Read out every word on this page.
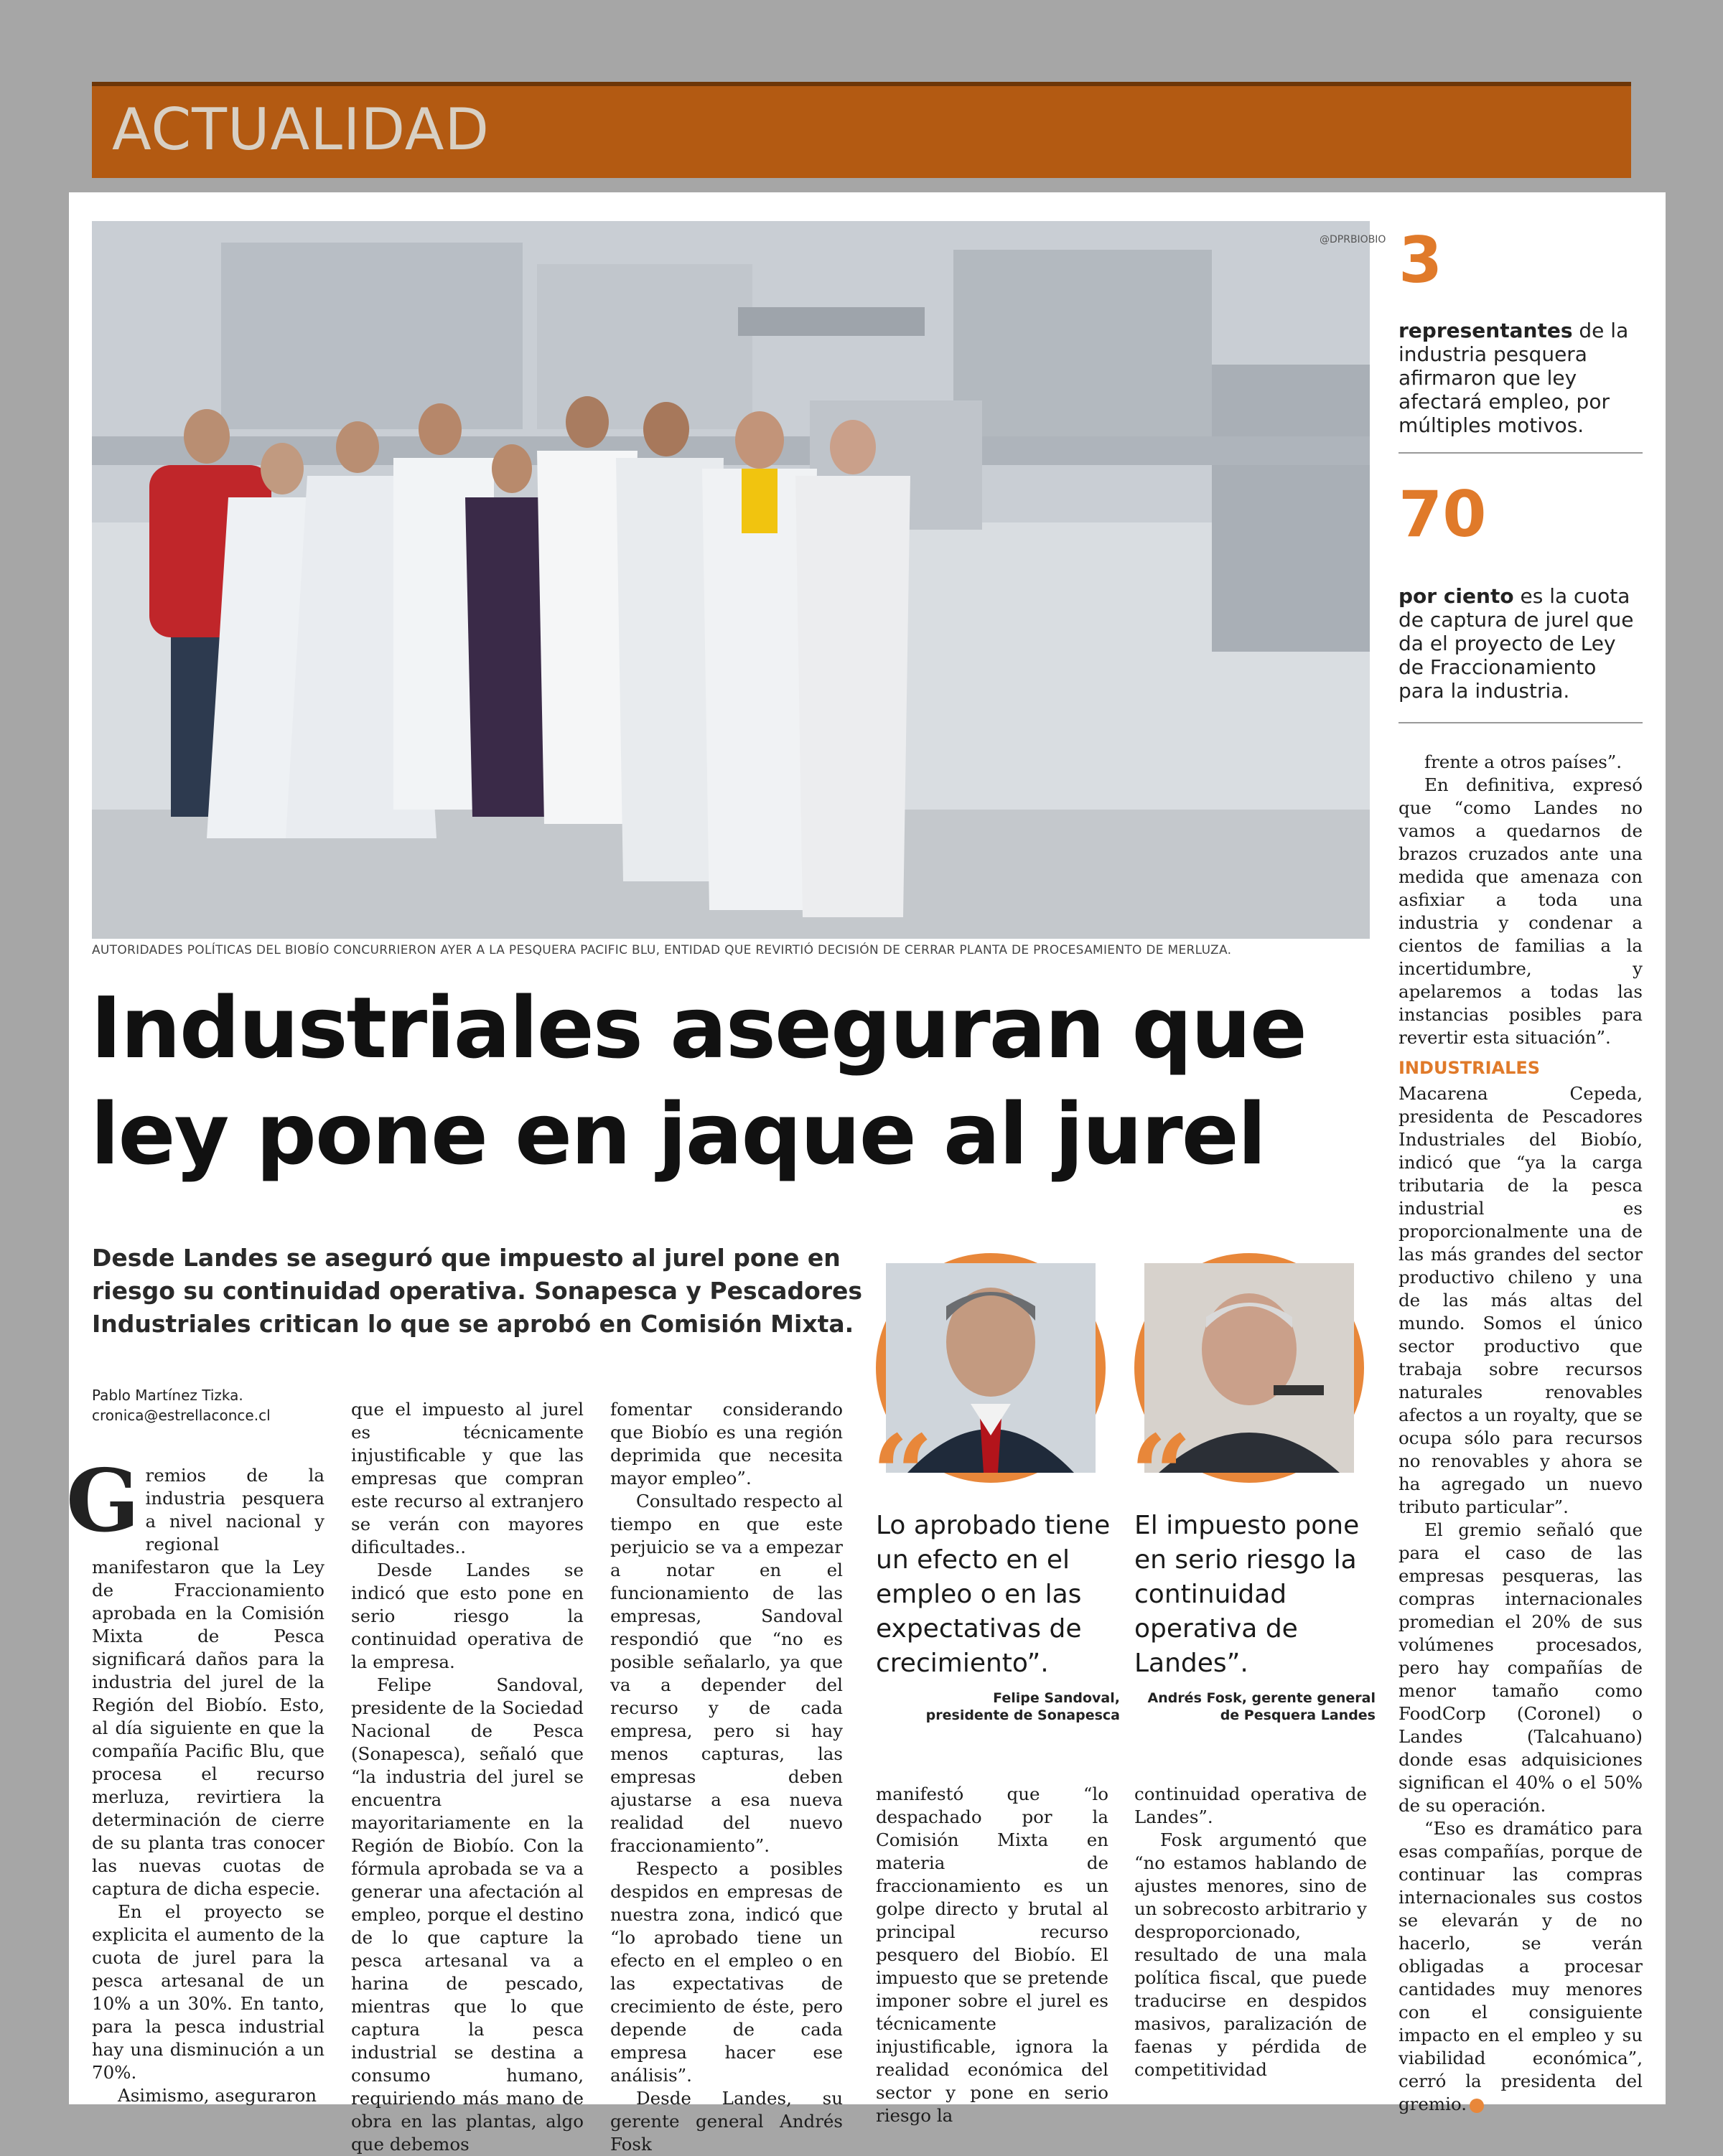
ACTUALIDAD
@DPRBIOBIO
AUTORIDADES POLÍTICAS DEL BIOBÍO CONCURRIERON AYER A LA PESQUERA PACIFIC BLU, ENTIDAD QUE REVIRTIÓ DECISIÓN DE CERRAR PLANTA DE PROCESAMIENTO DE MERLUZA.
Industriales aseguran que
ley pone en jaque al jurel
Desde Landes se aseguró que impuesto al jurel pone en
riesgo su continuidad operativa. Sonapesca y Pescadores
Industriales critican lo que se aprobó en Comisión Mixta.
Pablo Martínez Tizka.
cronica@estrellaconce.cl

Gremios de la industria pesquera a nivel nacional y regional manifestaron que la Ley de Fraccionamiento aprobada en la Comisión Mixta de Pesca significará daños para la industria del jurel de la Región del Biobío. Esto, al día siguiente en que la compañía Pacific Blu, que procesa el recurso merluza, revirtiera la determinación de cierre de su planta tras conocer las nuevas cuotas de captura de dicha especie.

En el proyecto se explicita el aumento de la cuota de jurel para la pesca artesanal de un 10% a un 30%. En tanto, para la pesca industrial hay una disminución a un 70%.

Asimismo, aseguraron

que el impuesto al jurel es técnicamente injustificable y que las empresas que compran este recurso al extranjero se verán con mayores dificultades..

Desde Landes se indicó que esto pone en serio riesgo la continuidad operativa de la empresa.

Felipe Sandoval, presidente de la Sociedad Nacional de Pesca (Sonapesca), señaló que “la industria del jurel se encuentra mayoritariamente en la Región de Biobío. Con la fórmula aprobada se va a generar una afectación al empleo, porque el destino de lo que capture la pesca artesanal va a harina de pescado, mientras que lo que captura la pesca industrial se destina a consumo humano, requiriendo más mano de obra en las plantas, algo que debemos

fomentar considerando que Biobío es una región deprimida que necesita mayor empleo”.

Consultado respecto al tiempo en que este perjuicio se va a empezar a notar en el funcionamiento de las empresas, Sandoval respondió que “no es posible señalarlo, ya que va a depender del recurso y de cada empresa, pero si hay menos capturas, las empresas deben ajustarse a esa nueva realidad del nuevo fraccionamiento”.

Respecto a posibles despidos en empresas de nuestra zona, indicó que “lo aprobado tiene un efecto en el empleo o en las expectativas de crecimiento de éste, pero depende de cada empresa hacer ese análisis”.

Desde Landes, su gerente general Andrés Fosk

“
Lo aprobado tiene un efecto en el empleo o en las expectativas de crecimiento”.
Felipe Sandoval,
presidente de Sonapesca
“
El impuesto pone en serio riesgo la continuidad operativa de Landes”.
Andrés Fosk, gerente general
de Pesquera Landes

manifestó que “lo despachado por la Comisión Mixta en materia de fraccionamiento es un golpe directo y brutal al principal recurso pesquero del Biobío. El impuesto que se pretende imponer sobre el jurel es técnicamente injustificable, ignora la realidad económica del sector y pone en serio riesgo la

continuidad operativa de Landes”.

Fosk argumentó que “no estamos hablando de ajustes menores, sino de un sobrecosto arbitrario y desproporcionado, resultado de una mala política fiscal, que puede traducirse en despidos masivos, paralización de faenas y pérdida de competitividad

3
representantes de la industria pesquera afirmaron que ley afectará empleo, por múltiples motivos.
70
por ciento es la cuota de captura de jurel que da el proyecto de Ley de Fraccionamiento para la industria.

frente a otros países”.

En definitiva, expresó que “como Landes no vamos a quedarnos de brazos cruzados ante una medida que amenaza con asfixiar a toda una industria y condenar a cientos de familias a la incertidumbre, y apelaremos a todas las instancias posibles para revertir esta situación”.

INDUSTRIALES

Macarena Cepeda, presidenta de Pescadores Industriales del Biobío, indicó que “ya la carga tributaria de la pesca industrial es proporcionalmente una de las más grandes del sector productivo chileno y una de las más altas del mundo. Somos el único sector productivo que trabaja sobre recursos naturales renovables afectos a un royalty, que se ocupa sólo para recursos no renovables y ahora se ha agregado un nuevo tributo particular”.

El gremio señaló que para el caso de las empresas pesqueras, las compras internacionales promedian el 20% de sus volúmenes procesados, pero hay compañías de menor tamaño como FoodCorp (Coronel) o Landes (Talcahuano) donde esas adquisiciones significan el 40% o el 50% de su operación.

“Eso es dramático para esas compañías, porque de continuar las compras internacionales sus costos se elevarán y de no hacerlo, se verán obligadas a procesar cantidades muy menores con el consiguiente impacto en el empleo y su viabilidad económica”, cerró la presidenta del gremio.
